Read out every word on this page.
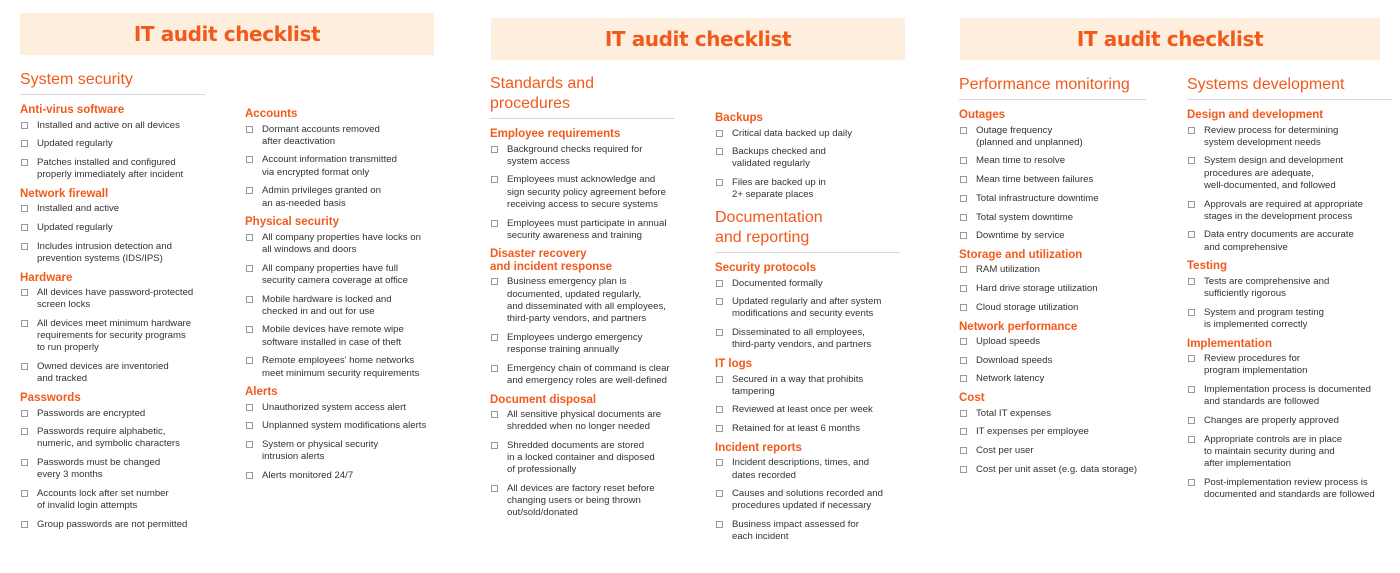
IT audit checklist
System security
Anti-virus software
Installed and active on all devices
Updated regularly
Patches installed and configured
properly immediately after incident
Network firewall
Installed and active
Updated regularly
Includes intrusion detection and
prevention systems (IDS/IPS)
Hardware
All devices have password-protected
screen locks
All devices meet minimum hardware
requirements for security programs
to run properly
Owned devices are inventoried
and tracked
Passwords
Passwords are encrypted
Passwords require alphabetic,
numeric, and symbolic characters
Passwords must be changed
every 3 months
Accounts lock after set number
of invalid login attempts
Group passwords are not permitted
Accounts
Dormant accounts removed
after deactivation
Account information transmitted
via encrypted format only
Admin privileges granted on
an as-needed basis
Physical security
All company properties have locks on
all windows and doors
All company properties have full
security camera coverage at office
Mobile hardware is locked and
checked in and out for use
Mobile devices have remote wipe
software installed in case of theft
Remote employees' home networks
meet minimum security requirements
Alerts
Unauthorized system access alert
Unplanned system modifications alerts
System or physical security
intrusion alerts
Alerts monitored 24/7
IT audit checklist
Standards and procedures
Employee requirements
Background checks required for
system access
Employees must acknowledge and
sign security policy agreement before
receiving access to secure systems
Employees must participate in annual
security awareness and training
Disaster recovery
and incident response
Business emergency plan is
documented, updated regularly,
and disseminated with all employees,
third-party vendors, and partners
Employees undergo emergency
response training annually
Emergency chain of command is clear
and emergency roles are well-defined
Document disposal
All sensitive physical documents are
shredded when no longer needed
Shredded documents are stored
in a locked container and disposed
of professionally
All devices are factory reset before
changing users or being thrown
out/sold/donated
Backups
Critical data backed up daily
Backups checked and
validated regularly
Files are backed up in
2+ separate places
Documentation
and reporting
Security protocols
Documented formally
Updated regularly and after system
modifications and security events
Disseminated to all employees,
third-party vendors, and partners
IT logs
Secured in a way that prohibits tampering
Reviewed at least once per week
Retained for at least 6 months
Incident reports
Incident descriptions, times, and
dates recorded
Causes and solutions recorded and
procedures updated if necessary
Business impact assessed for
each incident
IT audit checklist
Performance monitoring
Outages
Outage frequency
(planned and unplanned)
Mean time to resolve
Mean time between failures
Total infrastructure downtime
Total system downtime
Downtime by service
Storage and utilization
RAM utilization
Hard drive storage utilization
Cloud storage utilization
Network performance
Upload speeds
Download speeds
Network latency
Cost
Total IT expenses
IT expenses per employee
Cost per user
Cost per unit asset (e.g. data storage)
Systems development
Design and development
Review process for determining
system development needs
System design and development
procedures are adequate,
well-documented, and followed
Approvals are required at appropriate
stages in the development process
Data entry documents are accurate
and comprehensive
Testing
Tests are comprehensive and
sufficiently rigorous
System and program testing
is implemented correctly
Implementation
Review procedures for
program implementation
Implementation process is documented
and standards are followed
Changes are properly approved
Appropriate controls are in place
to maintain security during and
after implementation
Post-implementation review process is
documented and standards are followed
